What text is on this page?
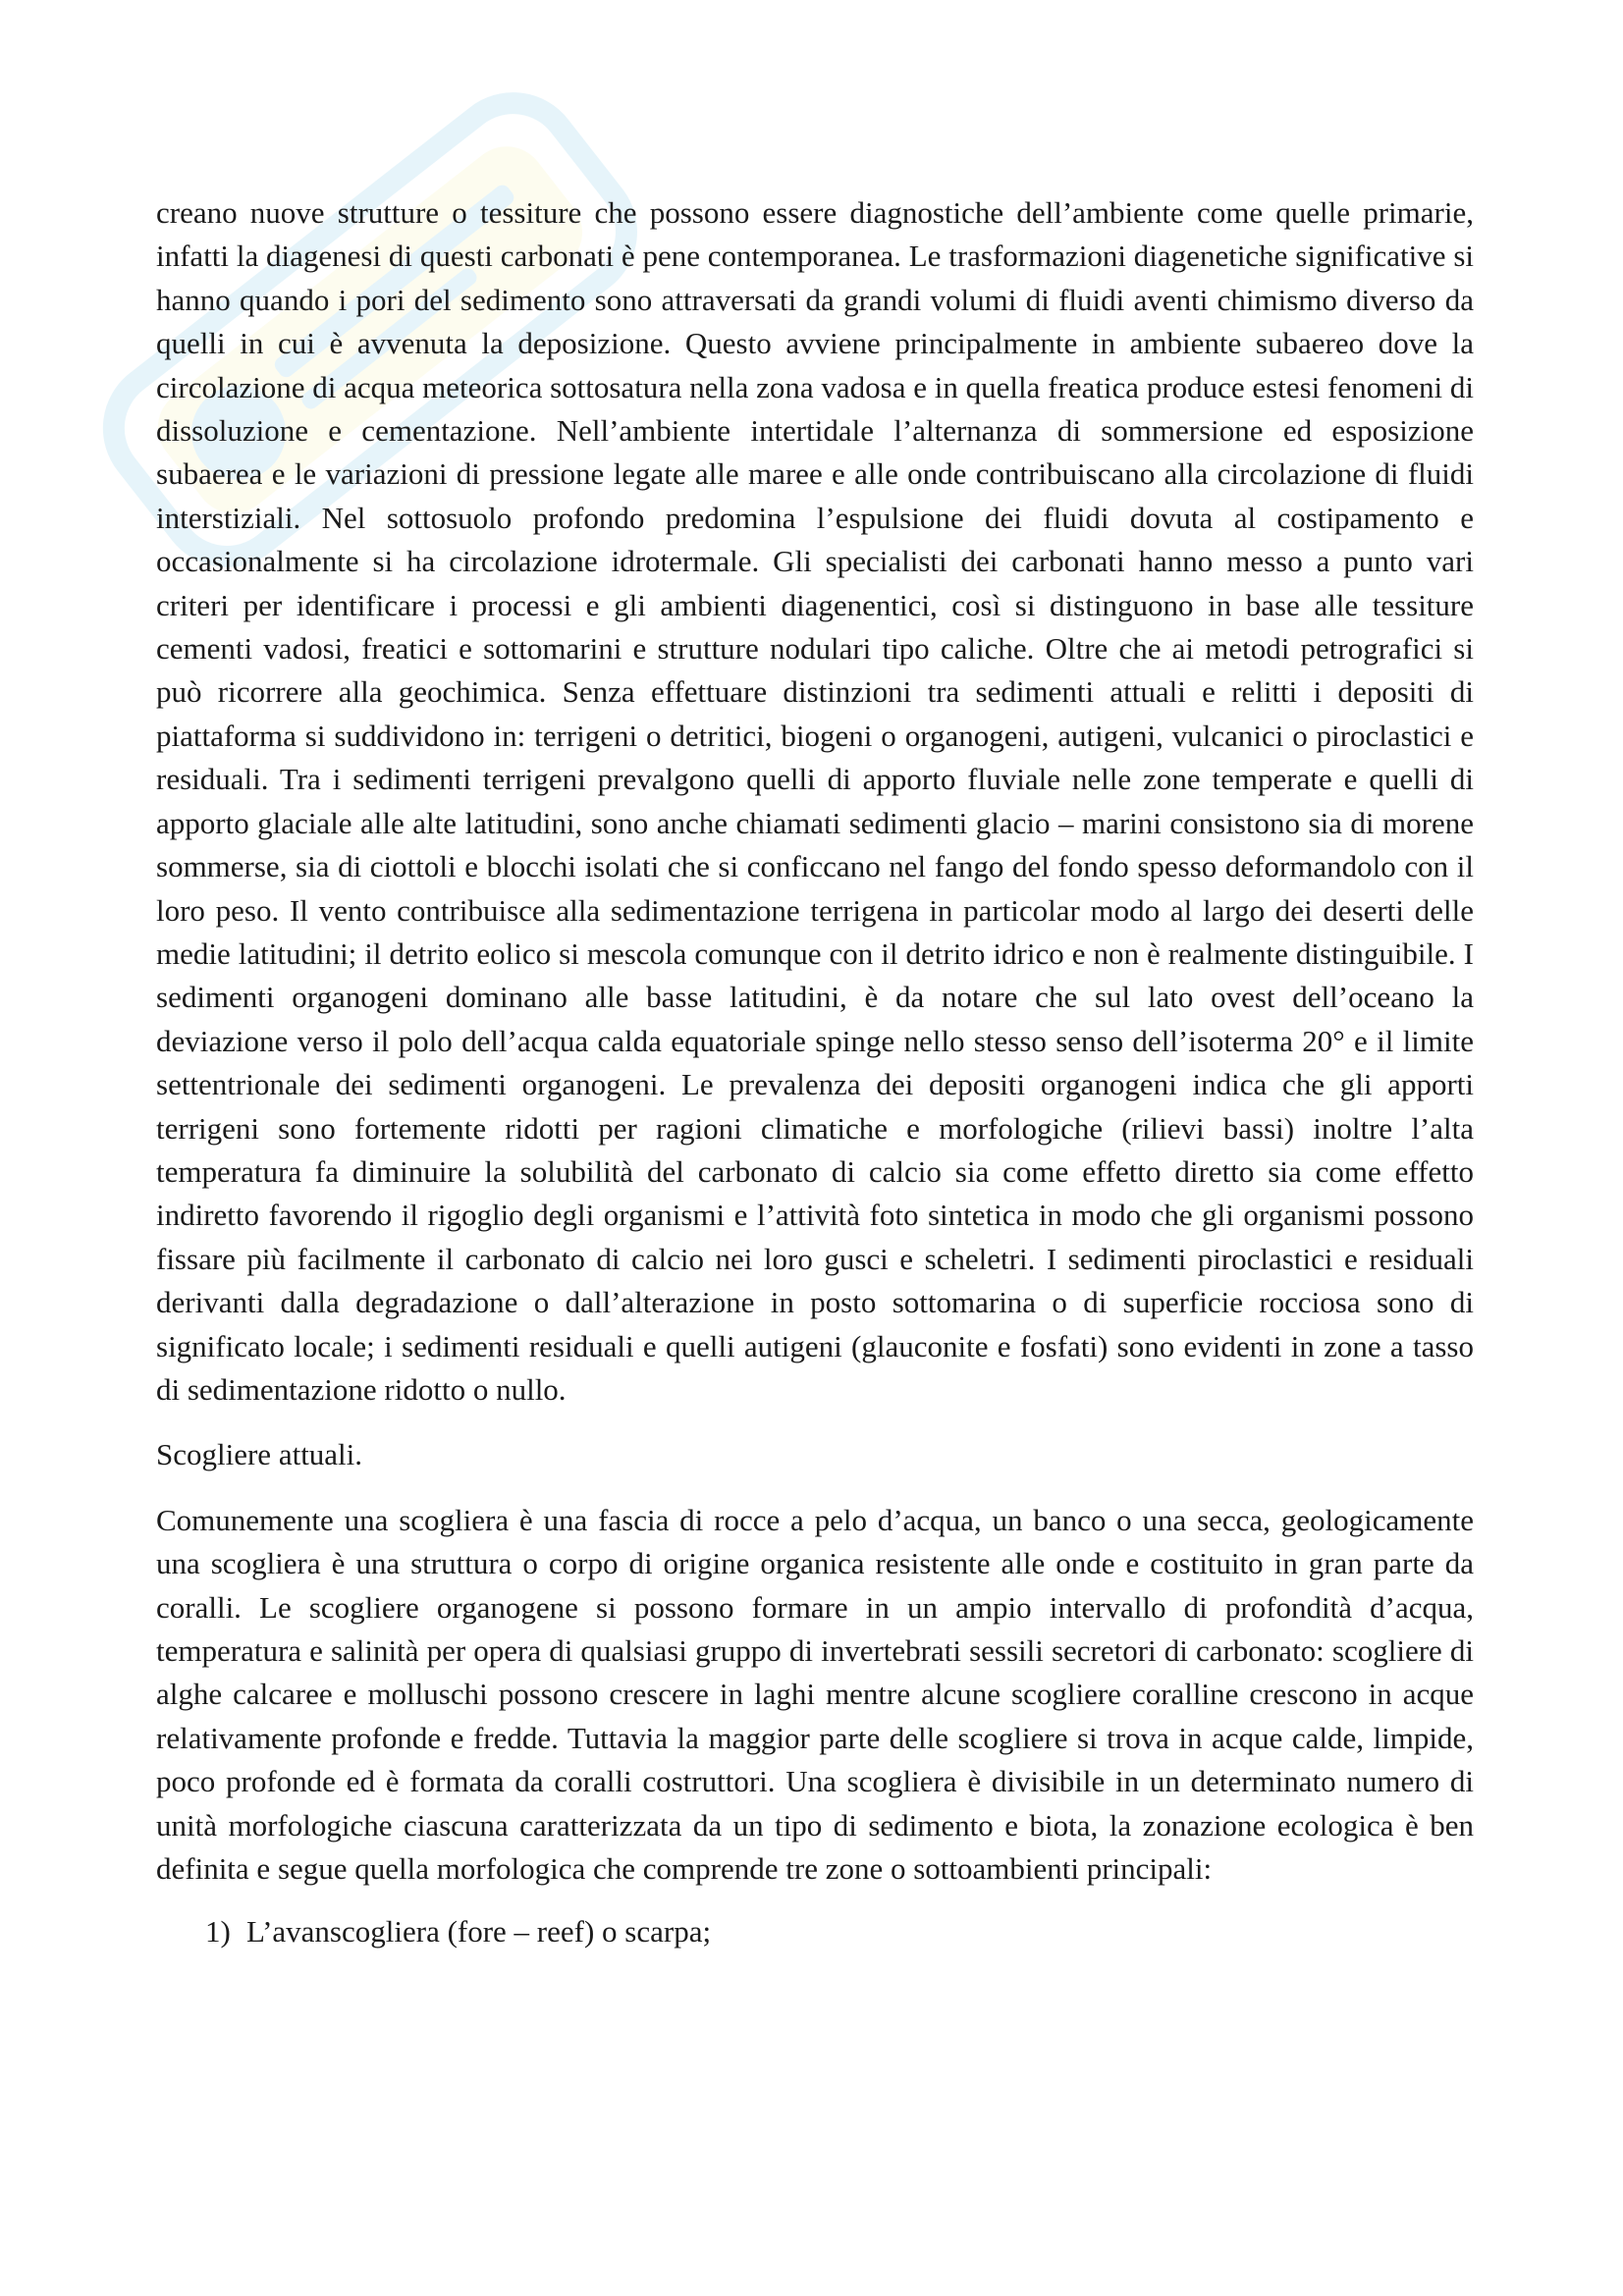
creano nuove strutture o tessiture che possono essere diagnostiche dell’ambiente come quelle primarie, infatti la diagenesi di questi carbonati è pene contemporanea. Le trasformazioni diagenetiche significative si hanno quando i pori del sedimento sono attraversati da grandi volumi di fluidi aventi chimismo diverso da quelli in cui è avvenuta la deposizione. Questo avviene principalmente in ambiente subaereo dove la circolazione di acqua meteorica sottosatura nella zona vadosa e in quella freatica produce estesi fenomeni di dissoluzione e cementazione. Nell’ambiente intertidale l’alternanza di sommersione ed esposizione subaerea e le variazioni di pressione legate alle maree e alle onde contribuiscano alla circolazione di fluidi interstiziali. Nel sottosuolo profondo predomina l’espulsione dei fluidi dovuta al costipamento e occasionalmente si ha circolazione idrotermale. Gli specialisti dei carbonati hanno messo a punto vari criteri per identificare i processi e gli ambienti diagenentici, così si distinguono in base alle tessiture cementi vadosi, freatici e sottomarini e strutture nodulari tipo caliche. Oltre che ai metodi petrografici si può ricorrere alla geochimica. Senza effettuare distinzioni tra sedimenti attuali e relitti i depositi di piattaforma si suddividono in: terrigeni o detritici, biogeni o organogeni, autigeni, vulcanici o piroclastici e residuali. Tra i sedimenti terrigeni prevalgono quelli di apporto fluviale nelle zone temperate e quelli di apporto glaciale alle alte latitudini, sono anche chiamati sedimenti glacio – marini consistono sia di morene sommerse, sia di ciottoli e blocchi isolati che si conficcano nel fango del fondo spesso deformandolo con il loro peso. Il vento contribuisce alla sedimentazione terrigena in particolar modo al largo dei deserti delle medie latitudini; il detrito eolico si mescola comunque con il detrito idrico e non è realmente distinguibile. I sedimenti organogeni dominano alle basse latitudini, è da notare che sul lato ovest dell’oceano la deviazione verso il polo dell’acqua calda equatoriale spinge nello stesso senso dell’isoterma 20° e il limite settentrionale dei sedimenti organogeni. Le prevalenza dei depositi organogeni indica che gli apporti terrigeni sono fortemente ridotti per ragioni climatiche e morfologiche (rilievi bassi) inoltre l’alta temperatura fa diminuire la solubilità del carbonato di calcio sia come effetto diretto sia come effetto indiretto favorendo il rigoglio degli organismi e l’attività foto sintetica in modo che gli organismi possono fissare più facilmente il carbonato di calcio nei loro gusci e scheletri. I sedimenti piroclastici e residuali derivanti dalla degradazione o dall’alterazione in posto sottomarina o di superficie rocciosa sono di significato locale; i sedimenti residuali e quelli autigeni (glauconite e fosfati) sono evidenti in zone a tasso di sedimentazione ridotto o nullo.

Scogliere attuali.

Comunemente una scogliera è una fascia di rocce a pelo d’acqua, un banco o una secca, geologicamente una scogliera è una struttura o corpo di origine organica resistente alle onde e costituito in gran parte da coralli. Le scogliere organogene si possono formare in un ampio intervallo di profondità d’acqua, temperatura e salinità per opera di qualsiasi gruppo di invertebrati sessili secretori di carbonato: scogliere di alghe calcaree e molluschi possono crescere in laghi mentre alcune scogliere coralline crescono in acque relativamente profonde e fredde. Tuttavia la maggior parte delle scogliere si trova in acque calde, limpide, poco profonde ed è formata da coralli costruttori. Una scogliera è divisibile in un determinato numero di unità morfologiche ciascuna caratterizzata da un tipo di sedimento e biota, la zonazione ecologica è ben definita e segue quella morfologica che comprende tre zone o sottoambienti principali:

1) L’avanscogliera (fore – reef) o scarpa;
